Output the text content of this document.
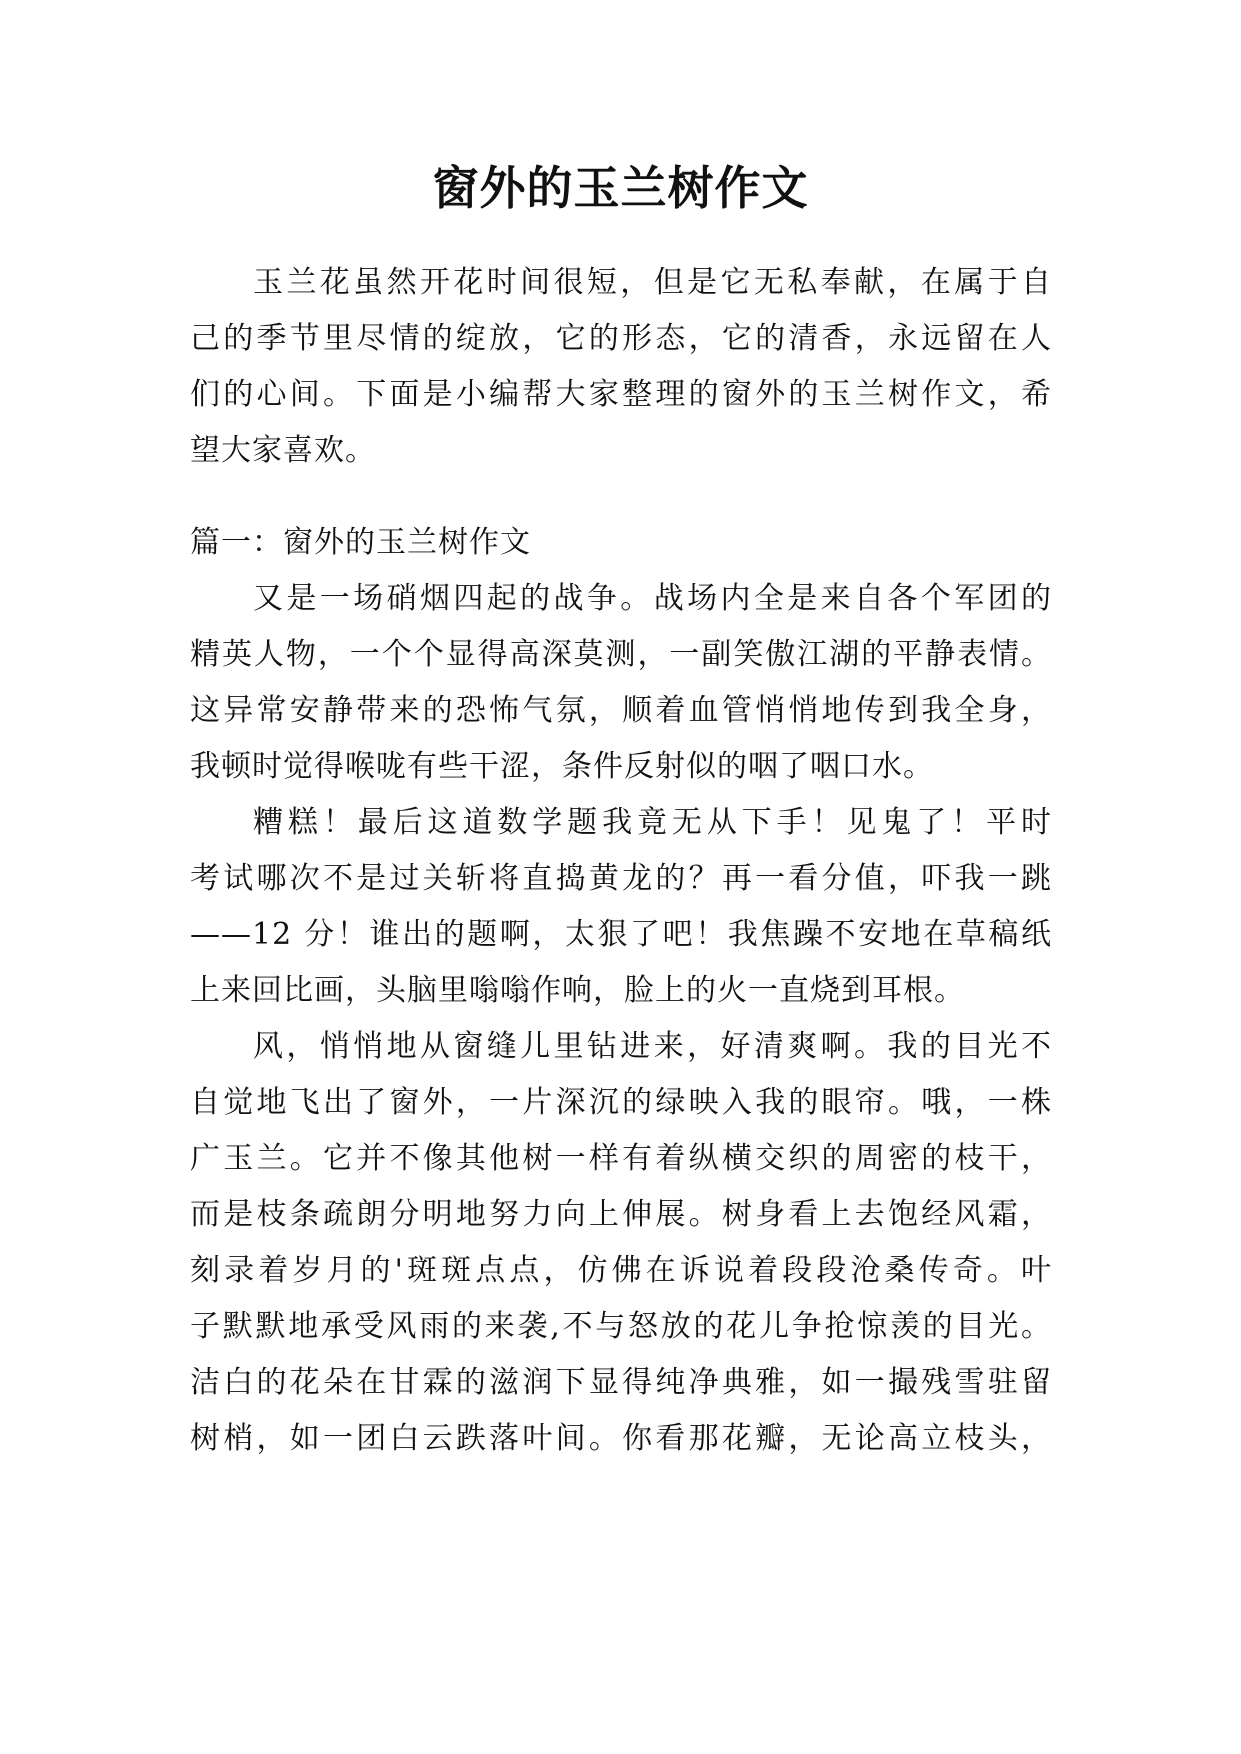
窗外的玉兰树作文
玉兰花虽然开花时间很短，但是它无私奉献，在属于自
己的季节里尽情的绽放，它的形态，它的清香，永远留在人
们的心间。下面是小编帮大家整理的窗外的玉兰树作文，希
望大家喜欢。
篇一：窗外的玉兰树作文
又是一场硝烟四起的战争。战场内全是来自各个军团的
精英人物，一个个显得高深莫测，一副笑傲江湖的平静表情。
这异常安静带来的恐怖气氛，顺着血管悄悄地传到我全身，
我顿时觉得喉咙有些干涩，条件反射似的咽了咽口水。
糟糕！最后这道数学题我竟无从下手！见鬼了！平时
考试哪次不是过关斩将直捣黄龙的？再一看分值，吓我一跳
——12 分！谁出的题啊，太狠了吧！我焦躁不安地在草稿纸
上来回比画，头脑里嗡嗡作响，脸上的火一直烧到耳根。
风，悄悄地从窗缝儿里钻进来，好清爽啊。我的目光不
自觉地飞出了窗外，一片深沉的绿映入我的眼帘。哦，一株
广玉兰。它并不像其他树一样有着纵横交织的周密的枝干，
而是枝条疏朗分明地努力向上伸展。树身看上去饱经风霜，
刻录着岁月的'斑斑点点，仿佛在诉说着段段沧桑传奇。叶
子默默地承受风雨的来袭,不与怒放的花儿争抢惊羡的目光。
洁白的花朵在甘霖的滋润下显得纯净典雅，如一撮残雪驻留
树梢，如一团白云跌落叶间。你看那花瓣，无论高立枝头，
